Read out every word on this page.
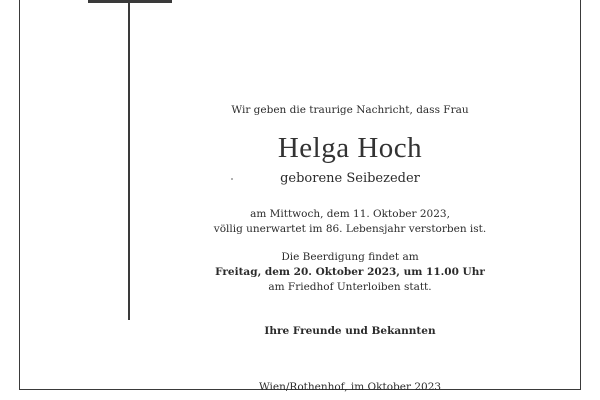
Wir geben die traurige Nachricht, dass Frau
Helga Hoch
geborene Seibezeder
am Mittwoch, dem 11. Oktober 2023,
völlig unerwartet im 86. Lebensjahr verstorben ist.
Die Beerdigung findet am
Freitag, dem 20. Oktober 2023, um 11.00 Uhr
am Friedhof Unterloiben statt.
Ihre Freunde und Bekannten
Wien/Rothenhof, im Oktober 2023
